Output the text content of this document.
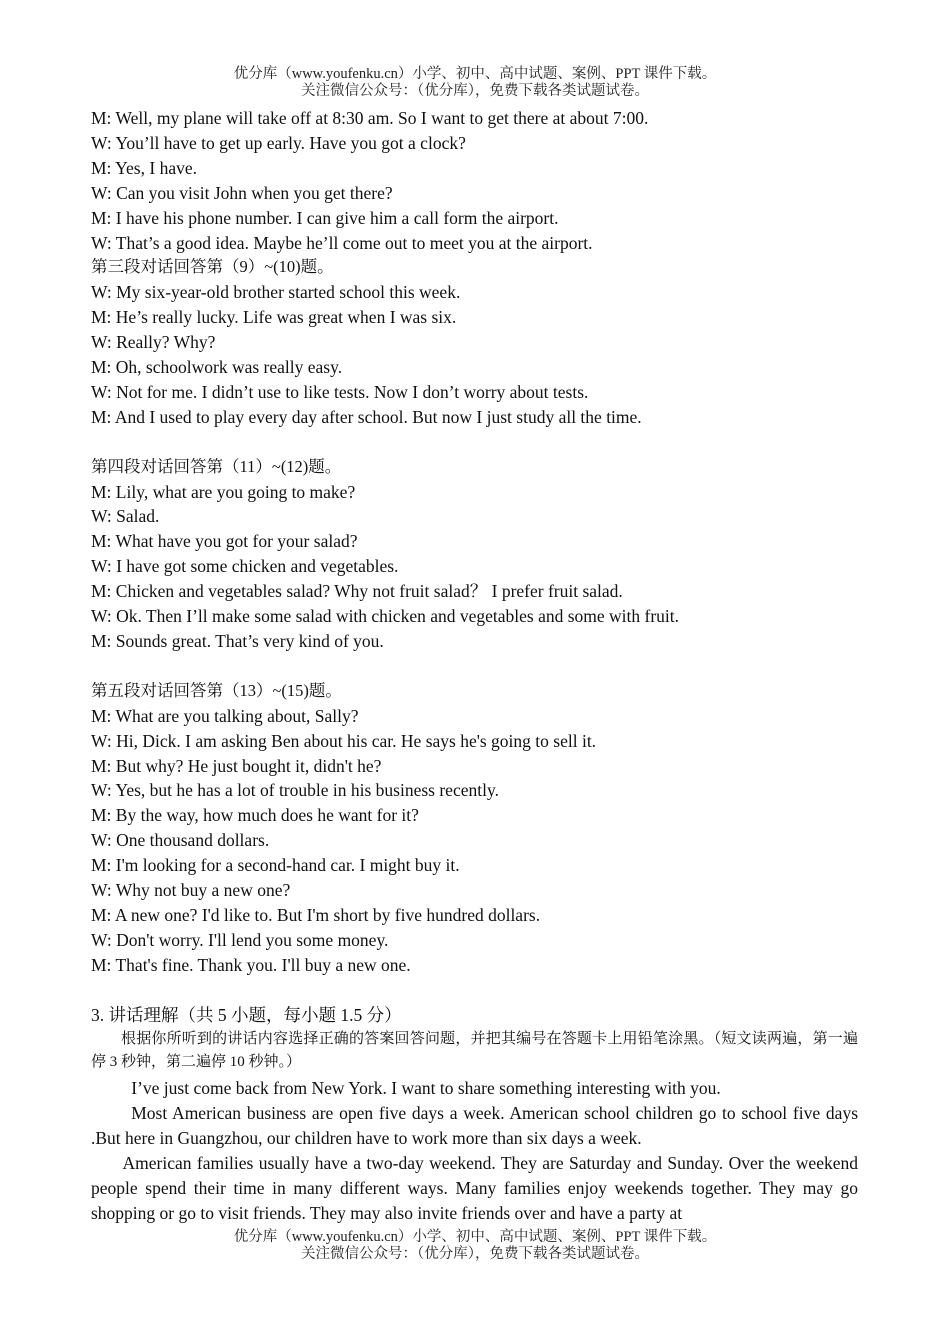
优分库（www.youfenku.cn）小学、初中、高中试题、案例、PPT 课件下载。
关注微信公众号：（优分库），免费下载各类试题试卷。
M: Well, my plane will take off at 8:30 am. So I want to get there at about 7:00.
W: You’ll have to get up early. Have you got a clock?
M: Yes, I have.
W: Can you visit John when you get there?
M: I have his phone number. I can give him a call form the airport.
W: That’s a good idea. Maybe he’ll come out to meet you at the airport.
第三段对话回答第（9）~(10)题。
W: My six-year-old brother started school this week.
M: He’s really lucky. Life was great when I was six.
W: Really? Why?
M: Oh, schoolwork was really easy.
W: Not for me. I didn’t use to like tests. Now I don’t worry about tests.
M: And I used to play every day after school. But now I just study all the time.
第四段对话回答第（11）~(12)题。
M: Lily, what are you going to make?
W: Salad.
M: What have you got for your salad?
W: I have got some chicken and vegetables.
M: Chicken and vegetables salad? Why not fruit salad？ I prefer fruit salad.
W: Ok. Then I’ll make some salad with chicken and vegetables and some with fruit.
M: Sounds great. That’s very kind of you.
第五段对话回答第（13）~(15)题。
M: What are you talking about, Sally?
W: Hi, Dick. I am asking Ben about his car. He says he's going to sell it.
M: But why? He just bought it, didn't he?
W: Yes, but he has a lot of trouble in his business recently.
M: By the way, how much does he want for it?
W: One thousand dollars.
M: I'm looking for a second-hand car. I might buy it.
W: Why not buy a new one?
M: A new one? I'd like to. But I'm short by five hundred dollars.
W: Don't worry. I'll lend you some money.
M: That's fine. Thank you. I'll buy a new one.
3. 讲话理解（共 5 小题，每小题 1.5 分）
根据你所听到的讲话内容选择正确的答案回答问题，并把其编号在答题卡上用铅笔涂黑。（短文读两遍，第一遍停 3 秒钟，第二遍停 10 秒钟。）
I’ve just come back from New York. I want to share something interesting with you.
Most American business are open five days a week. American school children go to school five days .But here in Guangzhou, our children have to work more than six days a week.
American families usually have a two-day weekend. They are Saturday and Sunday. Over the weekend people spend their time in many different ways. Many families enjoy weekends together. They may go shopping or go to visit friends. They may also invite friends over and have a party at
优分库（www.youfenku.cn）小学、初中、高中试题、案例、PPT 课件下载。
关注微信公众号：（优分库），免费下载各类试题试卷。
